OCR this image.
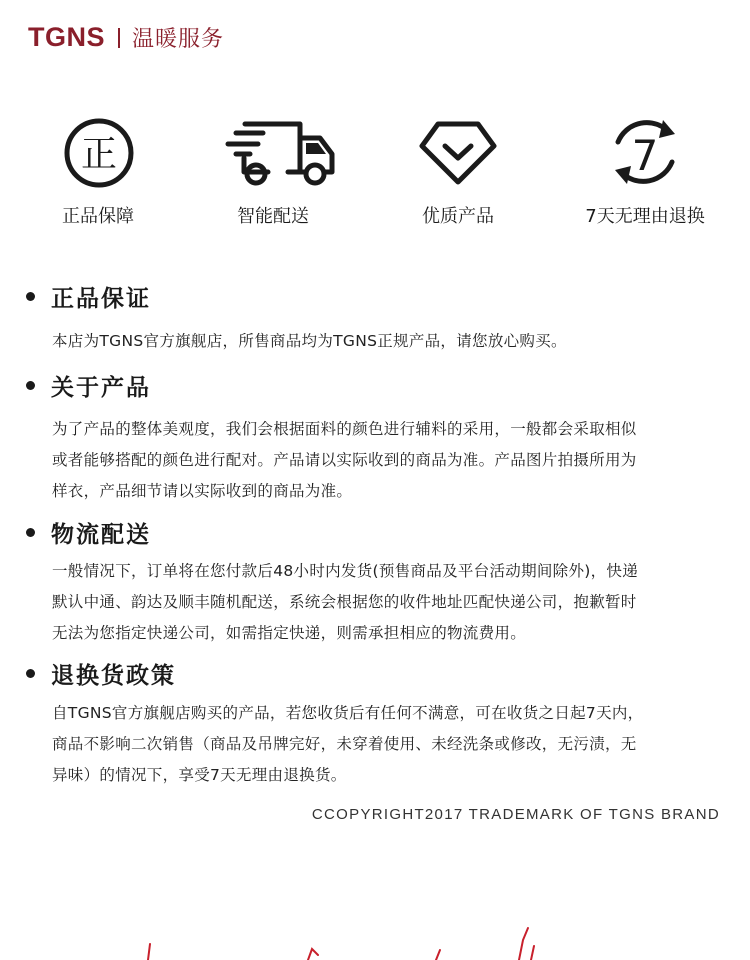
TGNS 温暖服务
正
正品保障	智能配送	优质产品
7
7天无理由退换
正品保证
本店为TGNS官方旗舰店，所售商品均为TGNS正规产品，请您放心购买。
关于产品
为了产品的整体美观度，我们会根据面料的颜色进行辅料的采用，一般都会采取相似
或者能够搭配的颜色进行配对。产品请以实际收到的商品为准。产品图片拍摄所用为
样衣，产品细节请以实际收到的商品为准。
物流配送
一般情况下，订单将在您付款后48小时内发货(预售商品及平台活动期间除外)，快递
默认中通、韵达及顺丰随机配送，系统会根据您的收件地址匹配快递公司，抱歉暂时
无法为您指定快递公司，如需指定快递，则需承担相应的物流费用。
退换货政策
自TGNS官方旗舰店购买的产品，若您收货后有任何不满意，可在收货之日起7天内，
商品不影响二次销售（商品及吊牌完好，未穿着使用、未经洗条或修改，无污渍，无
异味）的情况下，享受7天无理由退换货。
CCOPYRIGHT2017 TRADEMARK OF TGNS BRAND
